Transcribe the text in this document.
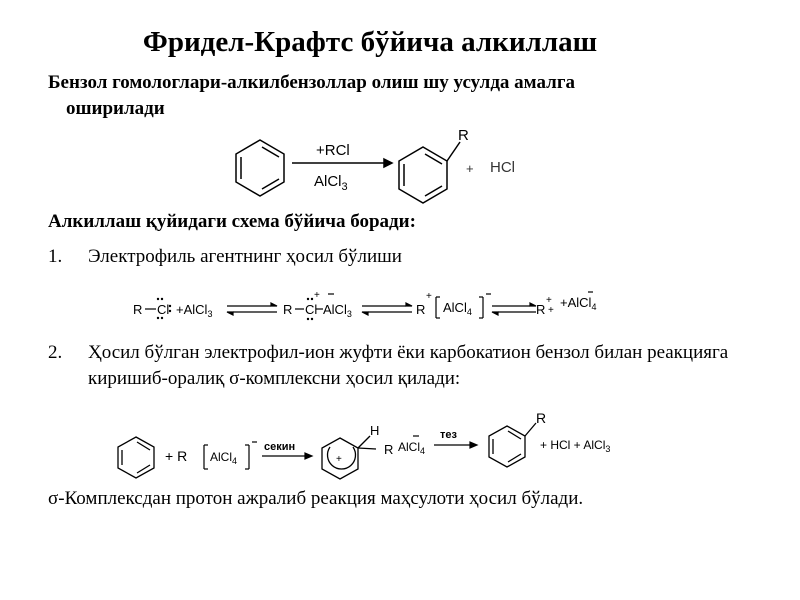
Фридел-Крафтс бўйича алкиллаш
Бензол гомологлари-алкилбензоллар олиш шу усулда амалга
оширилади
+RCl
AlCl$_3$
R
+ HCl
Алкиллаш қуйидаги схема бўйича боради:
1. Электрофиль агентнинг ҳосил бўлиши
R Cl +AlCl$_3$	R Cl AlCl$_3$	R AlCl$_4$	R +AlCl$_4$
+	+	+
+
2. Ҳосил бўлган электрофил-ион жуфти ёки карбокатион бензол билан реакцияга киришиб-оралиқ σ-комплексни ҳосил қилади:
+ R AlCl$_4$
секин
+
H
R AlCl$_4$
тез
R
+ HCl + AlCl$_3$
σ-Комплексдан протон ажралиб реакция маҳсулоти ҳосил бўлади.
